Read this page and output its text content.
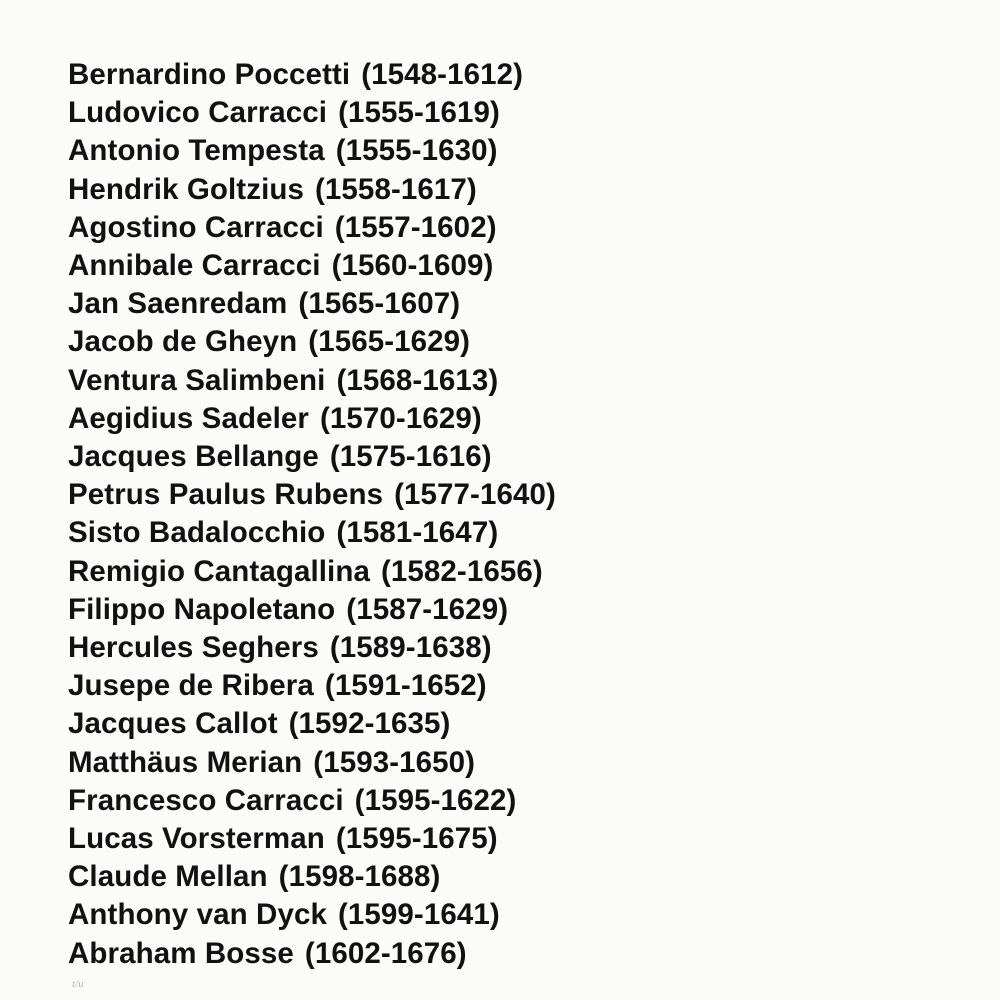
Bernardino Poccetti (1548-1612)
Ludovico Carracci (1555-1619)
Antonio Tempesta (1555-1630)
Hendrik Goltzius (1558-1617)
Agostino Carracci (1557-1602)
Annibale Carracci (1560-1609)
Jan Saenredam (1565-1607)
Jacob de Gheyn (1565-1629)
Ventura Salimbeni (1568-1613)
Aegidius Sadeler (1570-1629)
Jacques Bellange (1575-1616)
Petrus Paulus Rubens (1577-1640)
Sisto Badalocchio (1581-1647)
Remigio Cantagallina (1582-1656)
Filippo Napoletano (1587-1629)
Hercules Seghers (1589-1638)
Jusepe de Ribera (1591-1652)
Jacques Callot (1592-1635)
Matthäus Merian (1593-1650)
Francesco Carracci (1595-1622)
Lucas Vorsterman (1595-1675)
Claude Mellan (1598-1688)
Anthony van Dyck (1599-1641)
Abraham Bosse (1602-1676)
t/u
